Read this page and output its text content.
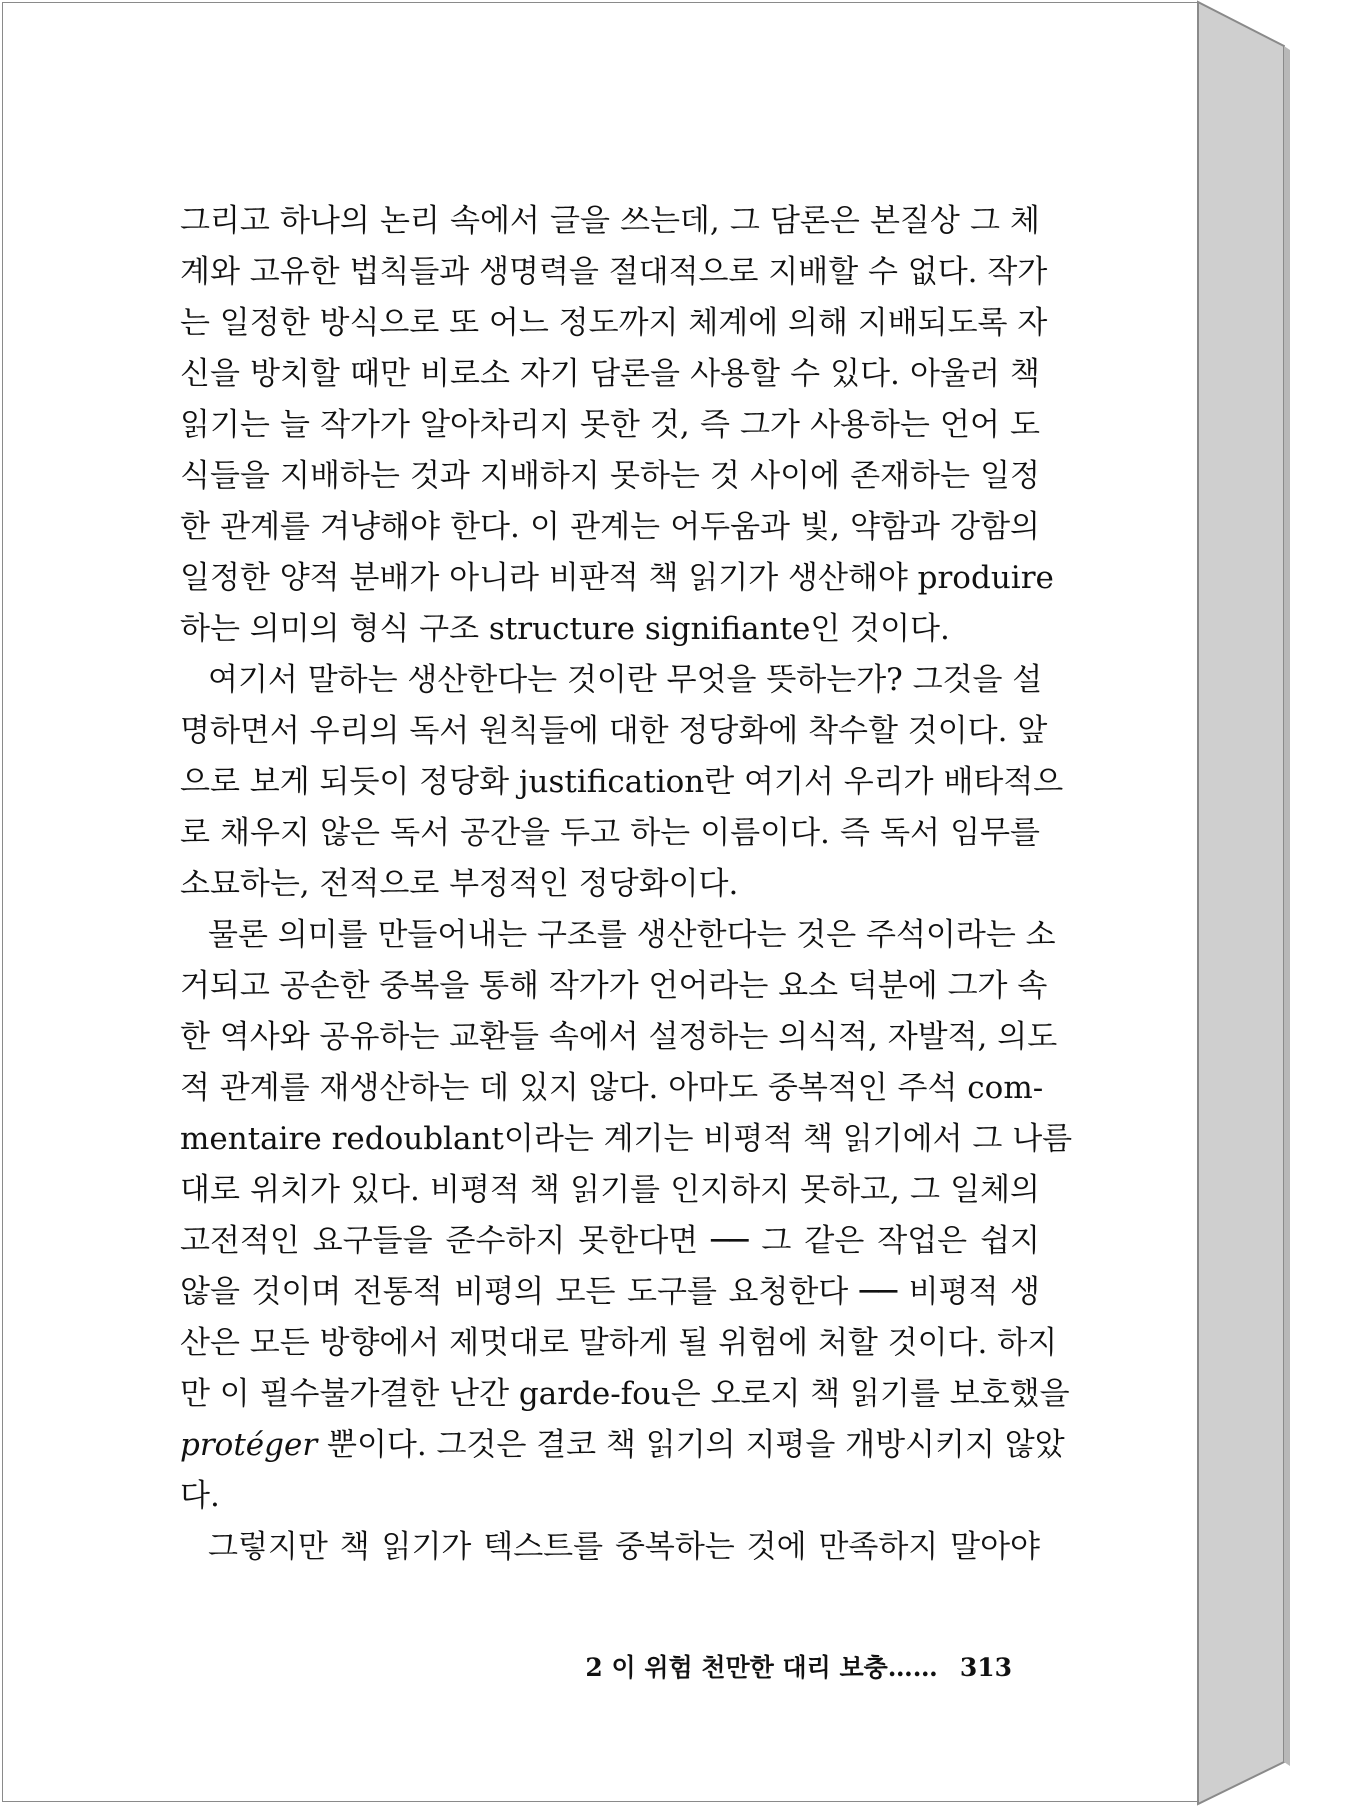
그리고 하나의 논리 속에서 글을 쓰는데, 그 담론은 본질상 그 체
계와 고유한 법칙들과 생명력을 절대적으로 지배할 수 없다. 작가
는 일정한 방식으로 또 어느 정도까지 체계에 의해 지배되도록 자
신을 방치할 때만 비로소 자기 담론을 사용할 수 있다. 아울러 책
읽기는 늘 작가가 알아차리지 못한 것, 즉 그가 사용하는 언어 도
식들을 지배하는 것과 지배하지 못하는 것 사이에 존재하는 일정
한 관계를 겨냥해야 한다. 이 관계는 어두움과 빛, 약함과 강함의
일정한 양적 분배가 아니라 비판적 책 읽기가 생산해야 produire
하는 의미의 형식 구조 structure signifiante인 것이다.
여기서 말하는 생산한다는 것이란 무엇을 뜻하는가? 그것을 설
명하면서 우리의 독서 원칙들에 대한 정당화에 착수할 것이다. 앞
으로 보게 되듯이 정당화 justification란 여기서 우리가 배타적으
로 채우지 않은 독서 공간을 두고 하는 이름이다. 즉 독서 임무를
소묘하는, 전적으로 부정적인 정당화이다.
물론 의미를 만들어내는 구조를 생산한다는 것은 주석이라는 소
거되고 공손한 중복을 통해 작가가 언어라는 요소 덕분에 그가 속
한 역사와 공유하는 교환들 속에서 설정하는 의식적, 자발적, 의도
적 관계를 재생산하는 데 있지 않다. 아마도 중복적인 주석 com-
mentaire redoublant이라는 계기는 비평적 책 읽기에서 그 나름
대로 위치가 있다. 비평적 책 읽기를 인지하지 못하고, 그 일체의
고전적인 요구들을 준수하지 못한다면 ── 그 같은 작업은 쉽지
않을 것이며 전통적 비평의 모든 도구를 요청한다 ── 비평적 생
산은 모든 방향에서 제멋대로 말하게 될 위험에 처할 것이다. 하지
만 이 필수불가결한 난간 garde-fou은 오로지 책 읽기를 보호했을
protéger 뿐이다. 그것은 결코 책 읽기의 지평을 개방시키지 않았
다.
그렇지만 책 읽기가 텍스트를 중복하는 것에 만족하지 말아야
2 이 위험 천만한 대리 보충…… 313
